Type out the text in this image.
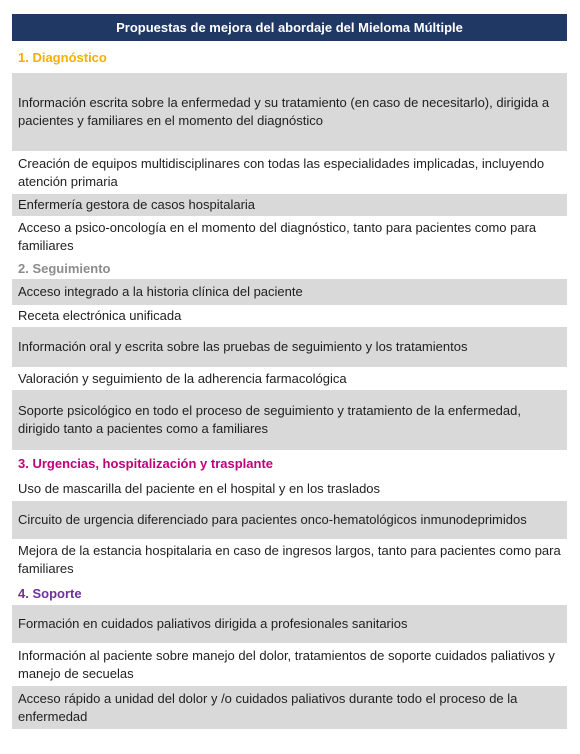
Propuestas de mejora del abordaje del Mieloma Múltiple
1. Diagnóstico
Información escrita sobre la enfermedad y su tratamiento (en caso de necesitarlo), dirigida a pacientes y familiares en el momento del diagnóstico
Creación de equipos multidisciplinares con todas las especialidades implicadas, incluyendo atención primaria
Enfermería gestora de casos hospitalaria
Acceso a psico-oncología en el momento del diagnóstico, tanto para pacientes como para familiares
2. Seguimiento
Acceso integrado a la historia clínica del paciente
Receta electrónica unificada
Información oral y escrita sobre las pruebas de seguimiento y los tratamientos
Valoración y seguimiento de la adherencia farmacológica
Soporte psicológico en todo el proceso de seguimiento y tratamiento de la enfermedad, dirigido tanto a pacientes como a familiares
3. Urgencias, hospitalización y trasplante
Uso de mascarilla del paciente en el hospital y en los traslados
Circuito de urgencia diferenciado para pacientes onco-hematológicos inmunodeprimidos
Mejora de la estancia hospitalaria en caso de ingresos largos, tanto para pacientes como para familiares
4. Soporte
Formación en cuidados paliativos dirigida a profesionales sanitarios
Información al paciente sobre manejo del dolor, tratamientos de soporte cuidados paliativos y manejo de secuelas
Acceso rápido a unidad del dolor y /o cuidados paliativos durante todo el proceso de la enfermedad
